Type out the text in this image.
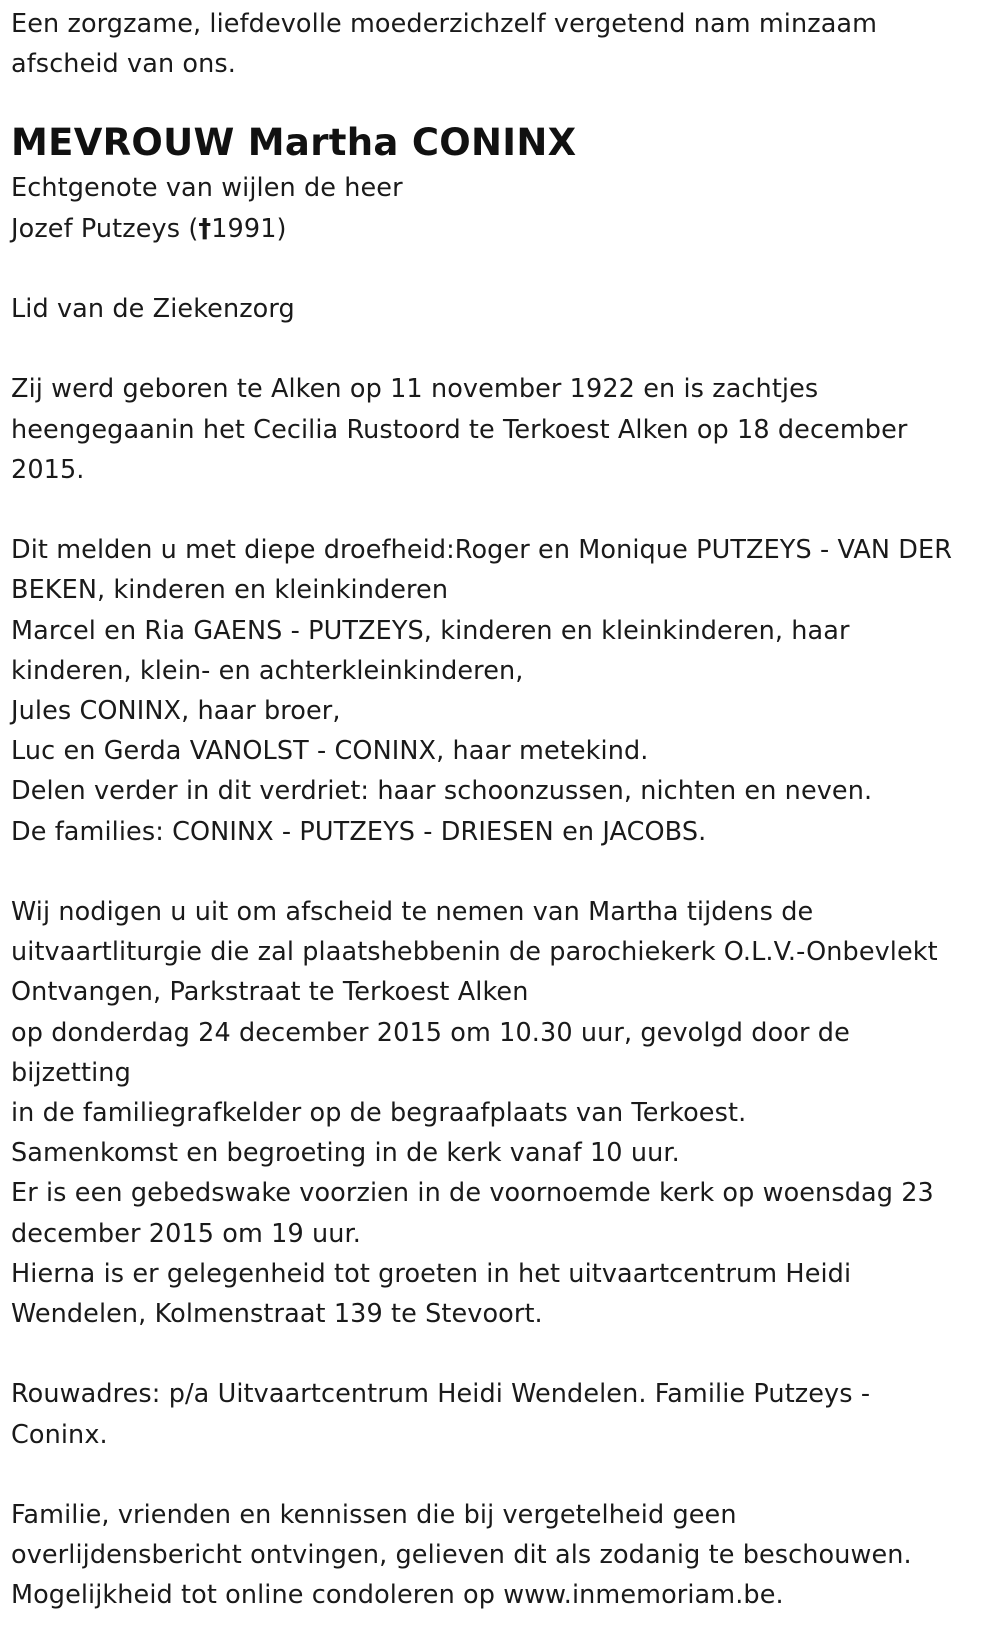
Een zorgzame, liefdevolle moederzichzelf vergetend nam minzaam

afscheid van ons.

MEVROUW Martha CONINX

Echtgenote van wijlen de heer

Jozef Putzeys (†1991)

Lid van de Ziekenzorg

Zij werd geboren te Alken op 11 november 1922 en is zachtjes

heengegaanin het Cecilia Rustoord te Terkoest Alken op 18 december

2015.

Dit melden u met diepe droefheid:Roger en Monique PUTZEYS - VAN DER

BEKEN, kinderen en kleinkinderen

Marcel en Ria GAENS - PUTZEYS, kinderen en kleinkinderen, haar

kinderen, klein- en achterkleinkinderen,

Jules CONINX, haar broer,

Luc en Gerda VANOLST - CONINX, haar metekind.

Delen verder in dit verdriet: haar schoonzussen, nichten en neven.

De families: CONINX - PUTZEYS - DRIESEN en JACOBS.

Wij nodigen u uit om afscheid te nemen van Martha tijdens de

uitvaartliturgie die zal plaatshebbenin de parochiekerk O.L.V.-Onbevlekt

Ontvangen, Parkstraat te Terkoest Alken

op donderdag 24 december 2015 om 10.30 uur, gevolgd door de

bijzetting

in de familiegrafkelder op de begraafplaats van Terkoest.

Samenkomst en begroeting in de kerk vanaf 10 uur.

Er is een gebedswake voorzien in de voornoemde kerk op woensdag 23

december 2015 om 19 uur.

Hierna is er gelegenheid tot groeten in het uitvaartcentrum Heidi

Wendelen, Kolmenstraat 139 te Stevoort.

Rouwadres: p/a Uitvaartcentrum Heidi Wendelen. Familie Putzeys -

Coninx.

Familie, vrienden en kennissen die bij vergetelheid geen

overlijdensbericht ontvingen, gelieven dit als zodanig te beschouwen.

Mogelijkheid tot online condoleren op www.inmemoriam.be.
